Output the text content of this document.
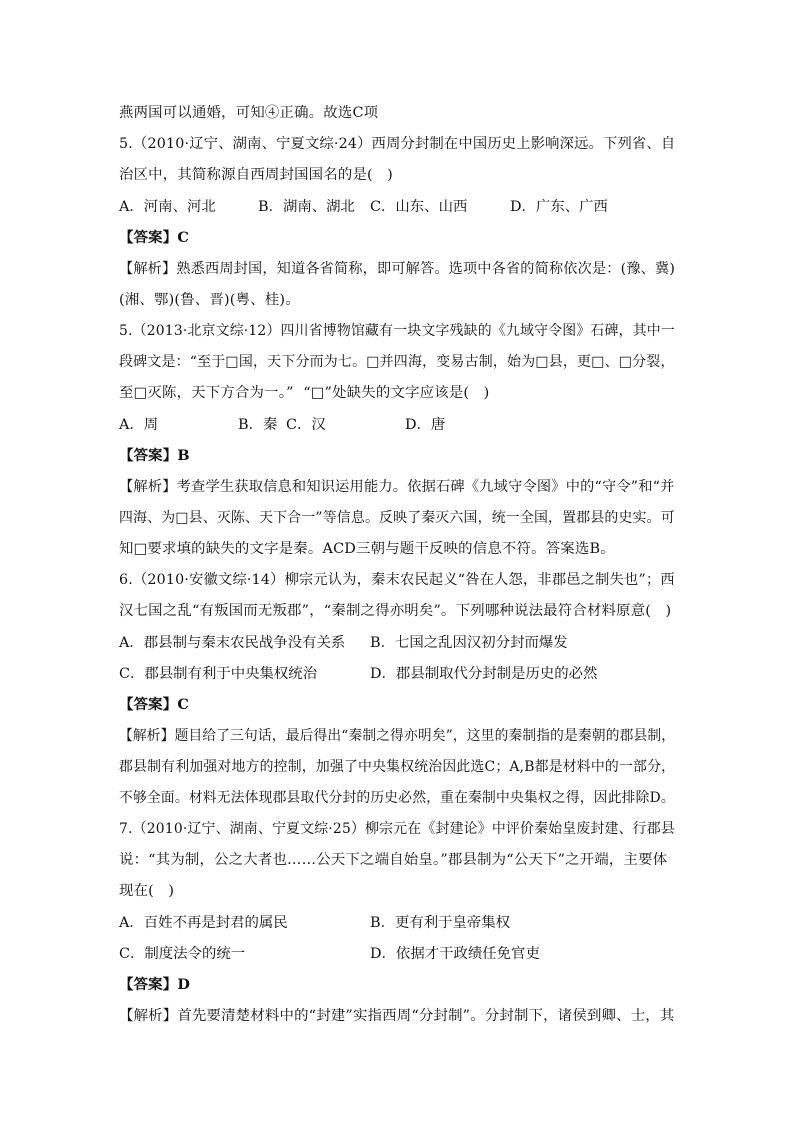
燕两国可以通婚，可知④正确。故选C项
5.（2010·辽宁、湖南、宁夏文综·24）西周分封制在中国历史上影响深远。下列省、自
治区中，其简称源自西周封国国名的是(   )
A．河南、河北	B．湖南、湖北 C．山东、山西	D．广东、广西
【答案】C
【解析】熟悉西周封国，知道各省简称，即可解答。选项中各省的简称依次是：(豫、冀)
(湘、鄂)(鲁、晋)(粤、桂)。
5.（2013·北京文综·12）四川省博物馆藏有一块文字残缺的《九域守令图》石碑，其中一
段碑文是：“至于□国，天下分而为七。□并四海，变易古制，始为□县，更□、□分裂，
至□灭陈，天下方合为一。”  “□”处缺失的文字应该是(   )
A．周	B．秦 C．汉	D．唐
【答案】B
【解析】考查学生获取信息和知识运用能力。依据石碑《九域守令图》中的“守令”和“并
四海、为□县、灭陈、天下合一”等信息。反映了秦灭六国，统一全国，置郡县的史实。可
知□要求填的缺失的文字是秦。ACD三朝与题干反映的信息不符。答案选B。
6.（2010·安徽文综·14）柳宗元认为，秦末农民起义“咎在人怨，非郡邑之制失也”；西
汉七国之乱“有叛国而无叛郡”，“秦制之得亦明矣”。下列哪种说法最符合材料原意(   )
A．郡县制与秦末农民战争没有关系 B．七国之乱因汉初分封而爆发
C．郡县制有利于中央集权统治	D．郡县制取代分封制是历史的必然
【答案】C
【解析】题目给了三句话，最后得出“秦制之得亦明矣”，这里的秦制指的是秦朝的郡县制，
郡县制有利加强对地方的控制，加强了中央集权统治因此选C；A,B都是材料中的一部分，
不够全面。材料无法体现郡县取代分封的历史必然，重在秦制中央集权之得，因此排除D。
7.（2010·辽宁、湖南、宁夏文综·25）柳宗元在《封建论》中评价秦始皇废封建、行郡县
说：“其为制，公之大者也……公天下之端自始皇。”郡县制为“公天下”之开端，主要体
现在(   )
A．百姓不再是封君的属民	B．更有利于皇帝集权
C．制度法令的统一	D．依据才干政绩任免官吏
【答案】D
【解析】首先要清楚材料中的“封建”实指西周“分封制”。分封制下，诸侯到卿、士，其
